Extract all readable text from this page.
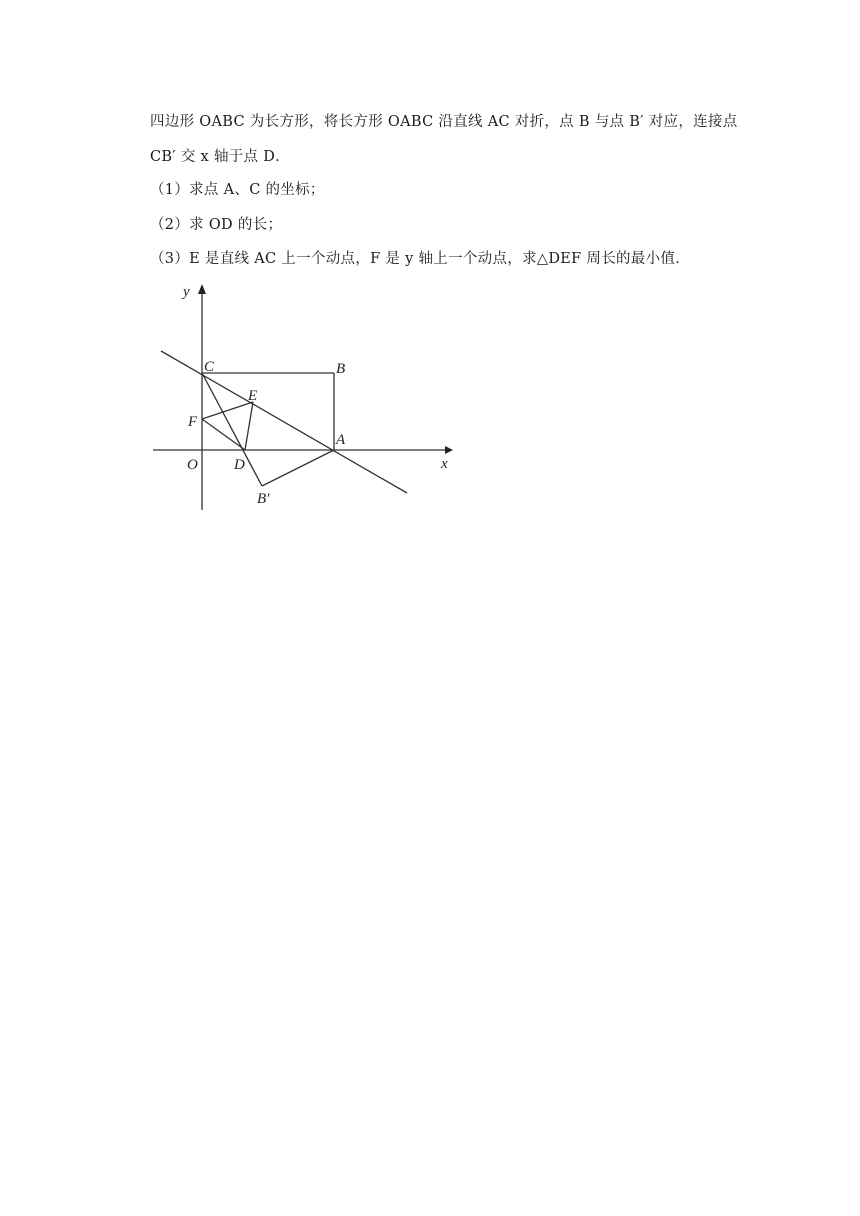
四边形 OABC 为长方形，将长方形 OABC 沿直线 AC 对折，点 B 与点 B′ 对应，连接点
CB′ 交 x 轴于点 D．
（1）求点 A、C 的坐标；
（2）求 OD 的长；
（3）E 是直线 AC 上一个动点，F 是 y 轴上一个动点，求△DEF 周长的最小值．
y
x
O
A
B
C
D
E
F
B′
